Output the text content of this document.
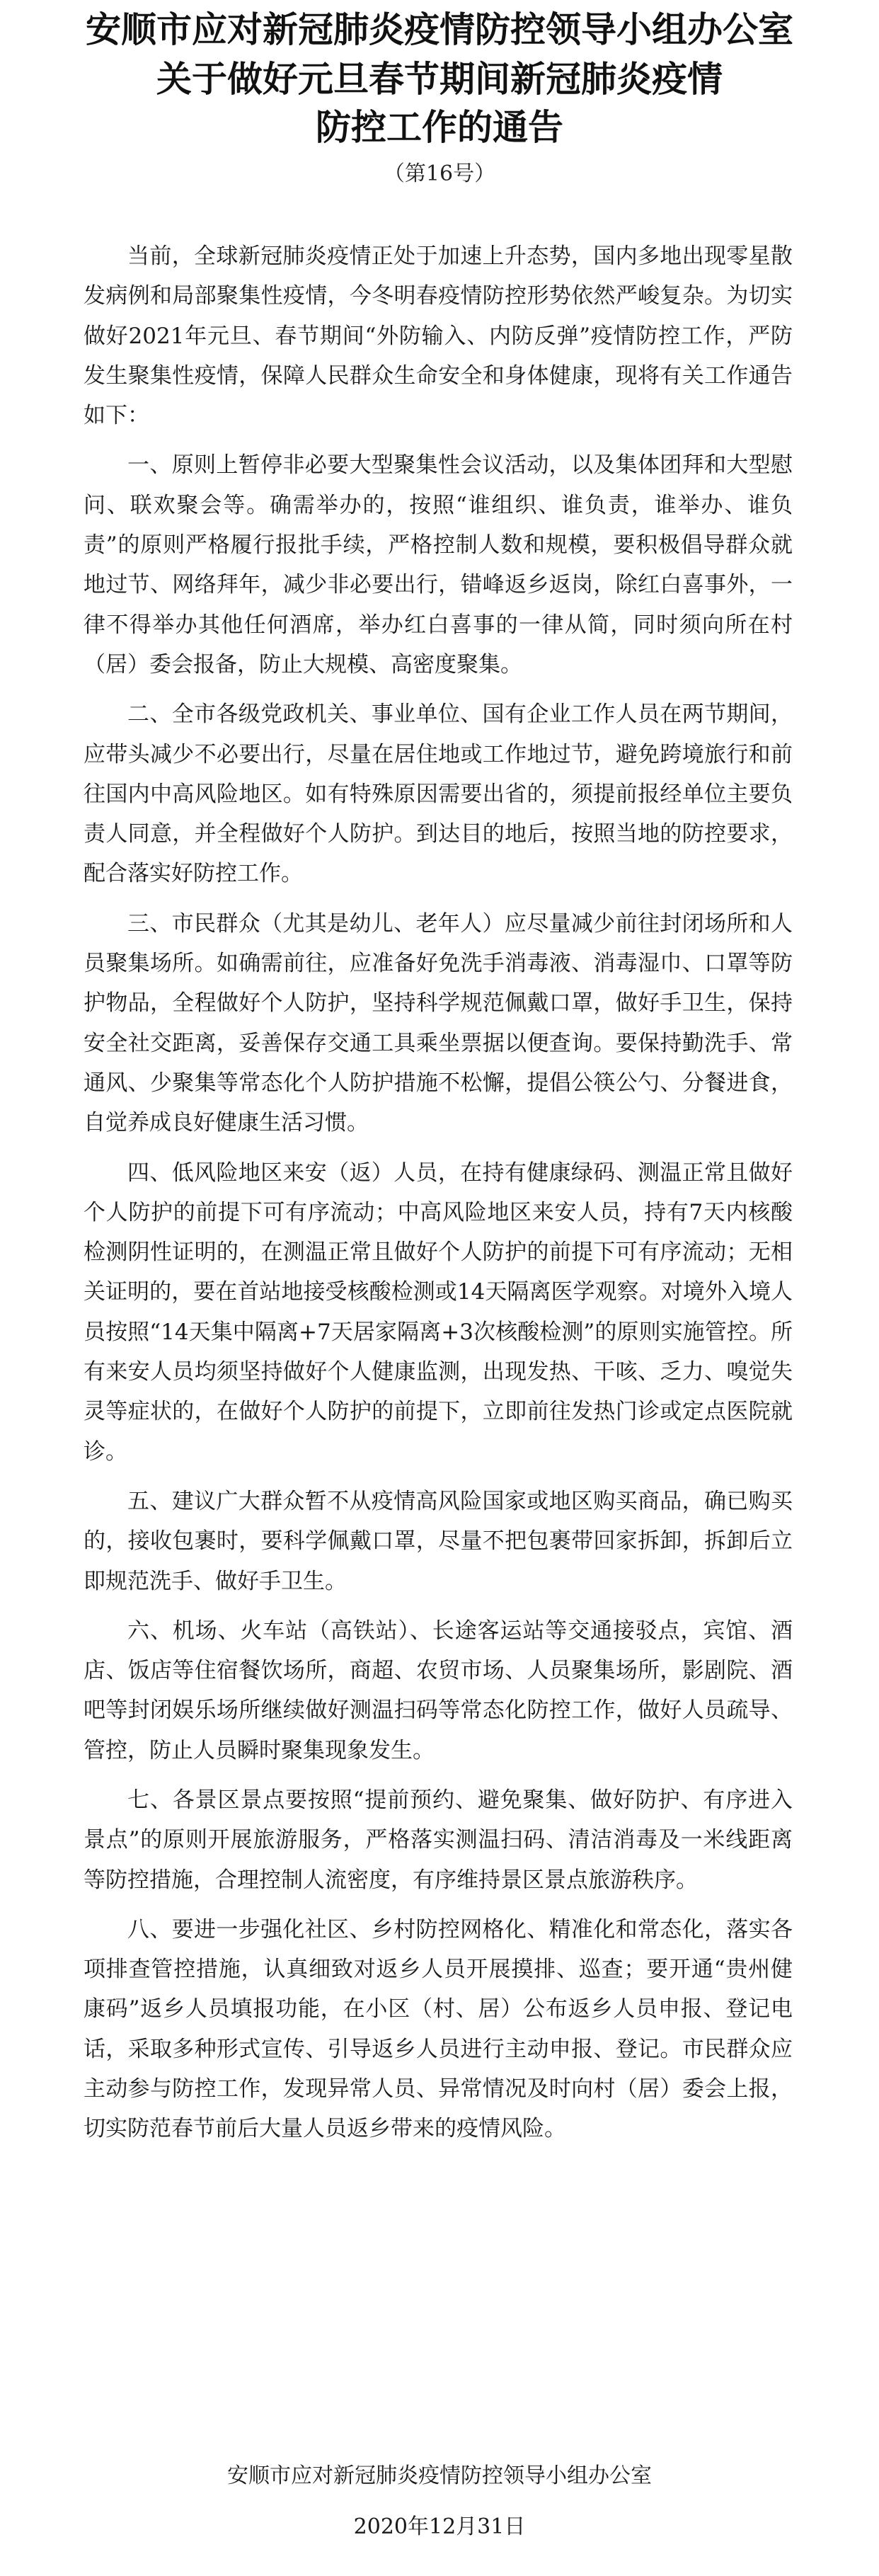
安顺市应对新冠肺炎疫情防控领导小组办公室
关于做好元旦春节期间新冠肺炎疫情
防控工作的通告
（第16号）

当前，全球新冠肺炎疫情正处于加速上升态势，国内多地出现零星散发病例和局部聚集性疫情，今冬明春疫情防控形势依然严峻复杂。为切实做好2021年元旦、春节期间“外防输入、内防反弹”疫情防控工作，严防发生聚集性疫情，保障人民群众生命安全和身体健康，现将有关工作通告如下：

一、原则上暂停非必要大型聚集性会议活动，以及集体团拜和大型慰问、联欢聚会等。确需举办的，按照“谁组织、谁负责，谁举办、谁负责”的原则严格履行报批手续，严格控制人数和规模，要积极倡导群众就地过节、网络拜年，减少非必要出行，错峰返乡返岗，除红白喜事外，一律不得举办其他任何酒席，举办红白喜事的一律从简，同时须向所在村（居）委会报备，防止大规模、高密度聚集。

二、全市各级党政机关、事业单位、国有企业工作人员在两节期间，应带头减少不必要出行，尽量在居住地或工作地过节，避免跨境旅行和前往国内中高风险地区。如有特殊原因需要出省的，须提前报经单位主要负责人同意，并全程做好个人防护。到达目的地后，按照当地的防控要求，配合落实好防控工作。

三、市民群众（尤其是幼儿、老年人）应尽量减少前往封闭场所和人员聚集场所。如确需前往，应准备好免洗手消毒液、消毒湿巾、口罩等防护物品，全程做好个人防护，坚持科学规范佩戴口罩，做好手卫生，保持安全社交距离，妥善保存交通工具乘坐票据以便查询。要保持勤洗手、常通风、少聚集等常态化个人防护措施不松懈，提倡公筷公勺、分餐进食，自觉养成良好健康生活习惯。

四、低风险地区来安（返）人员，在持有健康绿码、测温正常且做好个人防护的前提下可有序流动；中高风险地区来安人员，持有7天内核酸检测阴性证明的，在测温正常且做好个人防护的前提下可有序流动；无相关证明的，要在首站地接受核酸检测或14天隔离医学观察。对境外入境人员按照“14天集中隔离+7天居家隔离+3次核酸检测”的原则实施管控。所有来安人员均须坚持做好个人健康监测，出现发热、干咳、乏力、嗅觉失灵等症状的，在做好个人防护的前提下，立即前往发热门诊或定点医院就诊。

五、建议广大群众暂不从疫情高风险国家或地区购买商品，确已购买的，接收包裹时，要科学佩戴口罩，尽量不把包裹带回家拆卸，拆卸后立即规范洗手、做好手卫生。

六、机场、火车站（高铁站）、长途客运站等交通接驳点，宾馆、酒店、饭店等住宿餐饮场所，商超、农贸市场、人员聚集场所，影剧院、酒吧等封闭娱乐场所继续做好测温扫码等常态化防控工作，做好人员疏导、管控，防止人员瞬时聚集现象发生。

七、各景区景点要按照“提前预约、避免聚集、做好防护、有序进入景点”的原则开展旅游服务，严格落实测温扫码、清洁消毒及一米线距离等防控措施，合理控制人流密度，有序维持景区景点旅游秩序。

八、要进一步强化社区、乡村防控网格化、精准化和常态化，落实各项排查管控措施，认真细致对返乡人员开展摸排、巡查；要开通“贵州健康码”返乡人员填报功能，在小区（村、居）公布返乡人员申报、登记电话，采取多种形式宣传、引导返乡人员进行主动申报、登记。市民群众应主动参与防控工作，发现异常人员、异常情况及时向村（居）委会上报，切实防范春节前后大量人员返乡带来的疫情风险。

安顺市应对新冠肺炎疫情防控领导小组办公室
2020年12月31日
